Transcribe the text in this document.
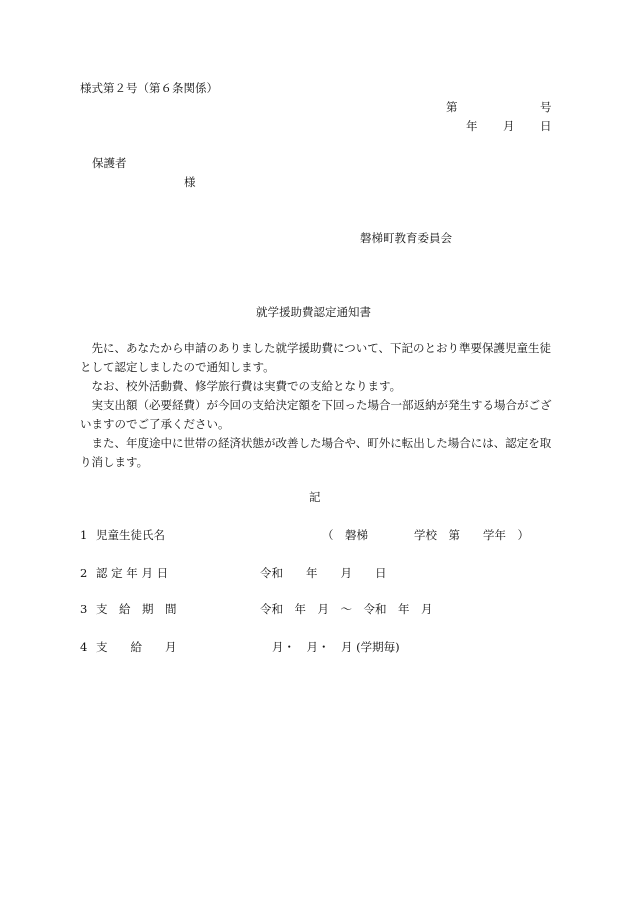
様式第２号（第６条関係）
第	号
年 月 日
保護者
様
磐梯町教育委員会
就学援助費認定通知書

先に、あなたから申請のありました就学援助費について、下記のとおり準要保護児童生徒として認定しましたので通知します。

なお、校外活動費、修学旅行費は実費での支給となります。

実支出額（必要経費）が今回の支給決定額を下回った場合一部返納が発生する場合がございますのでご了承ください。

また、年度途中に世帯の経済状態が改善した場合や、町外に転出した場合には、認定を取り消します。

記
1 児童生徒氏名	（　磐梯　　　　学校　第　　学年　）
2 認 定 年 月 日	令和　　年　　月　　日
3 支　給　期　間	令和　年　月　～　令和　年　月
4 支　　給　　月	月・　月・　月 (学期毎)
